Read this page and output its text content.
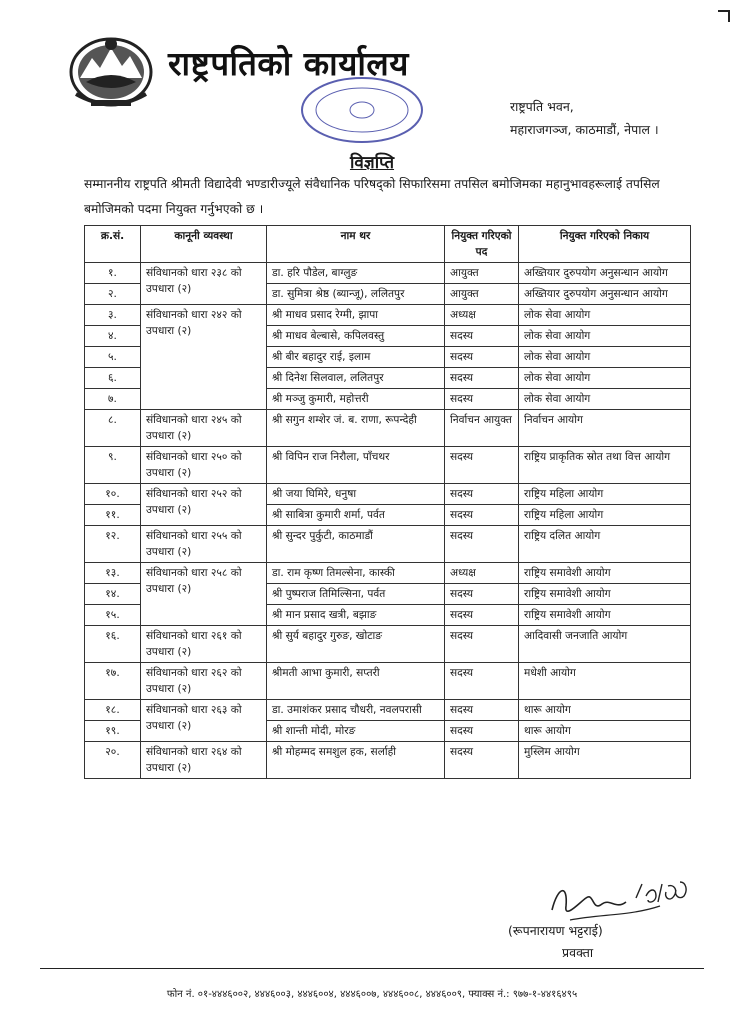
राष्ट्रपतिको कार्यालय
राष्ट्रपति भवन,
महाराजगञ्ज, काठमाडौं, नेपाल ।
विज्ञप्ति
सम्माननीय राष्ट्रपति श्रीमती विद्यादेवी भण्डारीज्यूले संवैधानिक परिषद्को सिफारिसमा तपसिल बमोजिमका महानुभावहरूलाई तपसिल बमोजिमको पदमा नियुक्त गर्नुभएको छ ।
क्र.सं.	कानूनी व्यवस्था	नाम थर	नियुक्त गरिएको पद	नियुक्त गरिएको निकाय
१.	संविधानको धारा २३८ को उपधारा (२)	डा. हरि पौडेल, बाग्लुङ	आयुक्त	अख्तियार दुरुपयोग अनुसन्धान आयोग
२.		डा. सुमित्रा श्रेष्ठ (ब्यान्जू), ललितपुर	आयुक्त	अख्तियार दुरुपयोग अनुसन्धान आयोग
३.	संविधानको धारा २४२ को उपधारा (२)	श्री माधव प्रसाद रेग्मी, झापा	अध्यक्ष	लोक सेवा आयोग
४.		श्री माधव बेल्बासे, कपिलवस्तु	सदस्य	लोक सेवा आयोग
५.		श्री बीर बहादुर राई, इलाम	सदस्य	लोक सेवा आयोग
६.		श्री दिनेश सिलवाल, ललितपुर	सदस्य	लोक सेवा आयोग
७.		श्री मञ्जु कुमारी, महोत्तरी	सदस्य	लोक सेवा आयोग
८.	संविधानको धारा २४५ को उपधारा (२)	श्री सगुन शम्शेर जं. ब. राणा, रूपन्देही	निर्वाचन आयुक्त	निर्वाचन आयोग
९.	संविधानको धारा २५० को उपधारा (२)	श्री विपिन राज निरौला, पाँचथर	सदस्य	राष्ट्रिय प्राकृतिक स्रोत तथा वित्त आयोग
१०.	संविधानको धारा २५२ को उपधारा (२)	श्री जया घिमिरे, धनुषा	सदस्य	राष्ट्रिय महिला आयोग
११.		श्री साबित्रा कुमारी शर्मा, पर्वत	सदस्य	राष्ट्रिय महिला आयोग
१२.	संविधानको धारा २५५ को उपधारा (२)	श्री सुन्दर पुर्कुटी, काठमाडौं	सदस्य	राष्ट्रिय दलित आयोग
१३.	संविधानको धारा २५८ को उपधारा (२)	डा. राम कृष्ण तिमल्सेना, कास्की	अध्यक्ष	राष्ट्रिय समावेशी आयोग
१४.		श्री पुष्पराज तिमिल्सिना, पर्वत	सदस्य	राष्ट्रिय समावेशी आयोग
१५.		श्री मान प्रसाद खत्री, बझाङ	सदस्य	राष्ट्रिय समावेशी आयोग
१६.	संविधानको धारा २६१ को उपधारा (२)	श्री सुर्य बहादुर गुरुङ, खोटाङ	सदस्य	आदिवासी जनजाति आयोग
१७.	संविधानको धारा २६२ को उपधारा (२)	श्रीमती आभा कुमारी, सप्तरी	सदस्य	मधेशी आयोग
१८.	संविधानको धारा २६३ को उपधारा (२)	डा. उमाशंकर प्रसाद चौधरी, नवलपरासी	सदस्य	थारू आयोग
१९.		श्री शान्ती मोदी, मोरङ	सदस्य	थारू आयोग
२०.	संविधानको धारा २६४ को उपधारा (२)	श्री मोहम्मद समशुल हक, सर्लाही	सदस्य	मुस्लिम आयोग
(रूपनारायण भट्टराई)
प्रवक्ता
फोन नं. ०१-४४४६००२, ४४४६००३, ४४४६००४, ४४४६००७, ४४४६००८, ४४४६००९, फ्याक्स नं.: ९७७-१-४४१६४९५
